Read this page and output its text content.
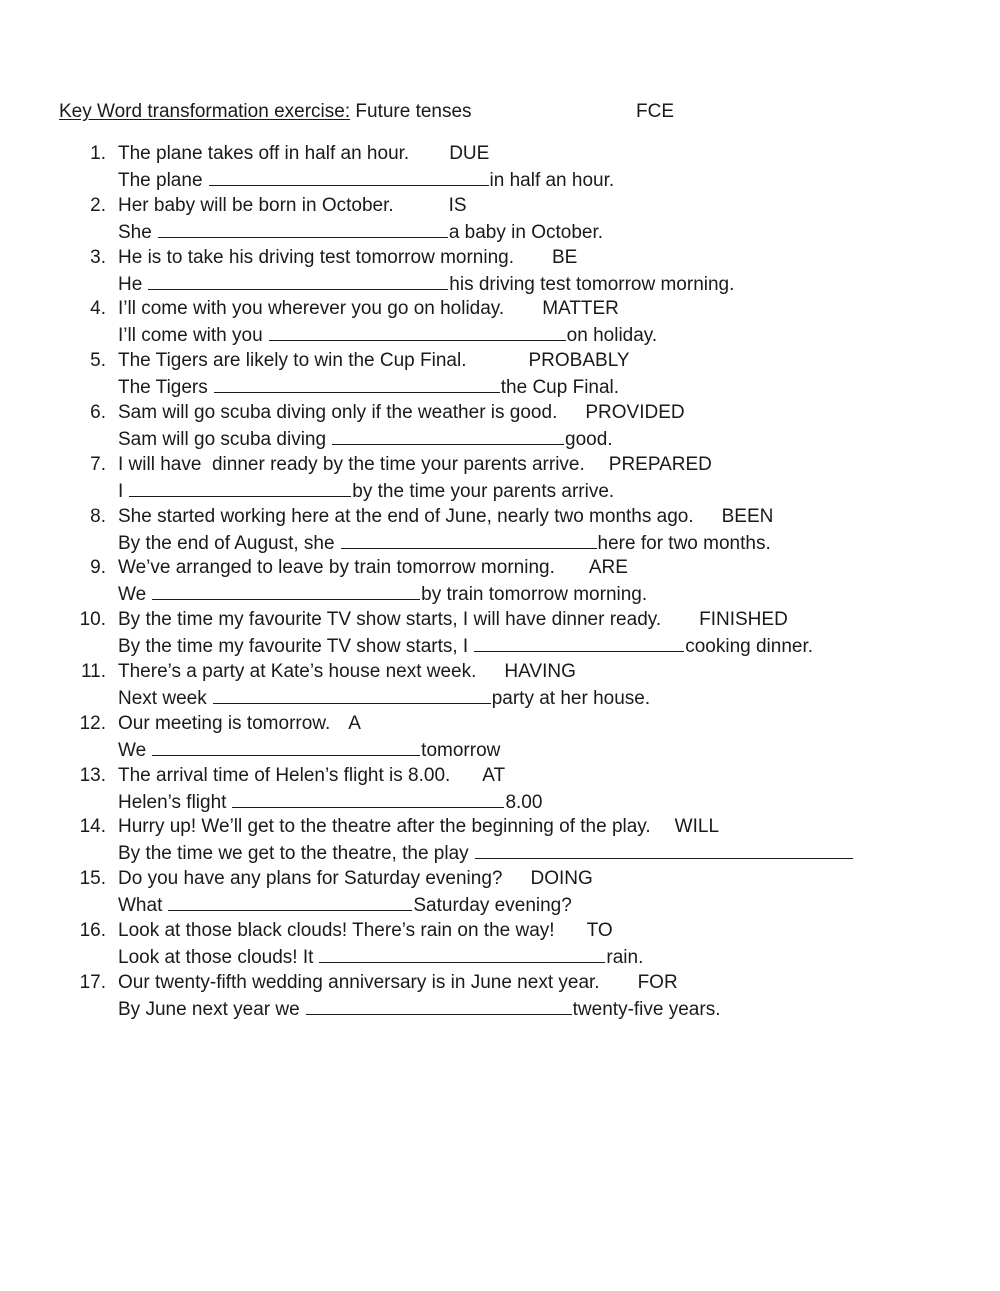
Key Word transformation exercise: Future tenses	FCE
1. The plane takes off in half an hour. DUE
The plane	in half an hour.
2. Her baby will be born in October.	IS
She	a baby in October.
3. He is to take his driving test tomorrow morning. BE
He	his driving test tomorrow morning.
4. I’ll come with you wherever you go on holiday. MATTER
I’ll come with you	on holiday.
5. The Tigers are likely to win the Cup Final.	PROBABLY
The Tigers	the Cup Final.
6. Sam will go scuba diving only if the weather is good. PROVIDED
Sam will go scuba diving	good.
7. I will have  dinner ready by the time your parents arrive. PREPARED
I	by the time your parents arrive.
8. She started working here at the end of June, nearly two months ago. BEEN
By the end of August, she	here for two months.
9. We’ve arranged to leave by train tomorrow morning. ARE
We	by train tomorrow morning.
10. By the time my favourite TV show starts, I will have dinner ready. FINISHED
By the time my favourite TV show starts, I	cooking dinner.
11. There’s a party at Kate’s house next week. HAVING
Next week	party at her house.
12. Our meeting is tomorrow. A
We	tomorrow
13. The arrival time of Helen’s flight is 8.00. AT
Helen’s flight	8.00
14. Hurry up! We’ll get to the theatre after the beginning of the play. WILL
By the time we get to the theatre, the play
15. Do you have any plans for Saturday evening? DOING
What	Saturday evening?
16. Look at those black clouds! There’s rain on the way! TO
Look at those clouds! It	rain.
17. Our twenty-fifth wedding anniversary is in June next year. FOR
By June next year we	twenty-five years.
